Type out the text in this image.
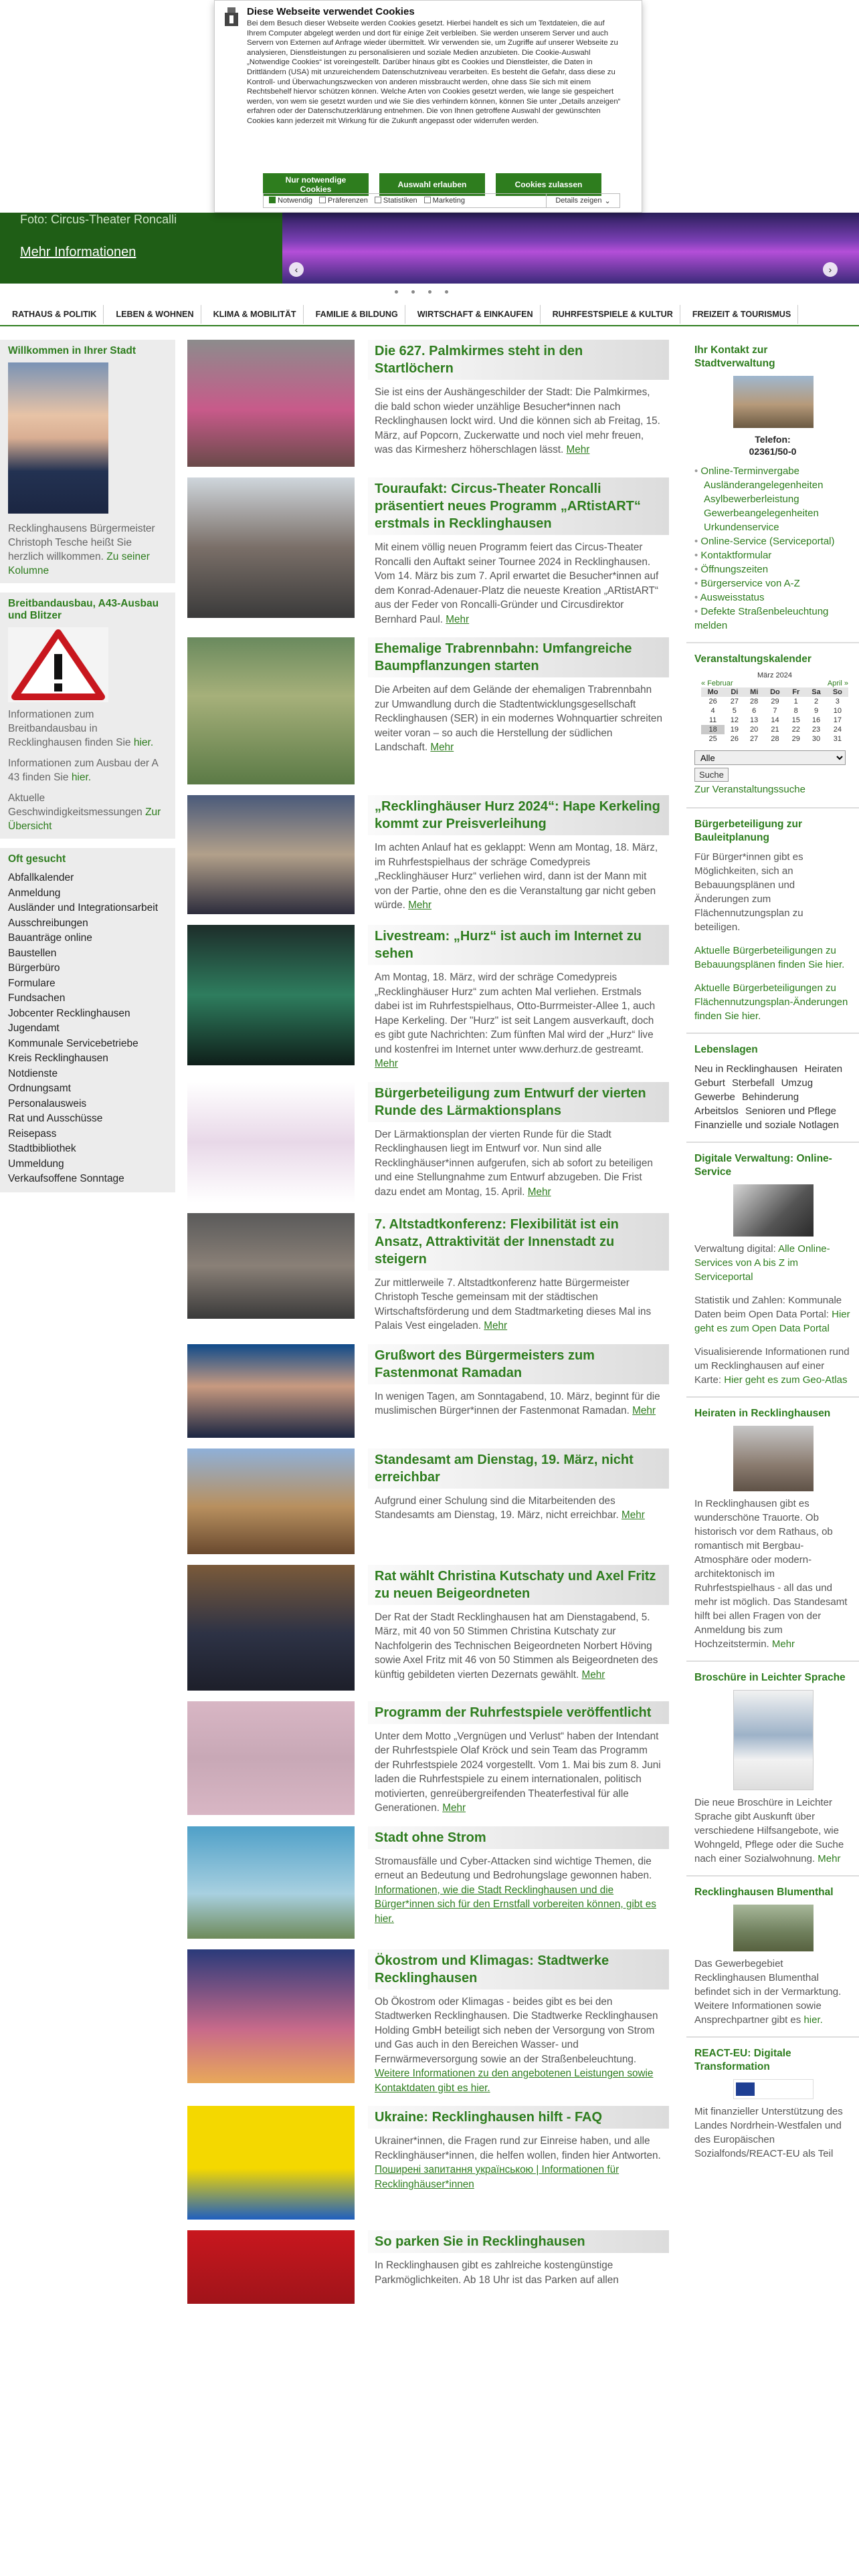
Diese Webseite verwendet Cookies

Bei dem Besuch dieser Webseite werden Cookies gesetzt. Hierbei handelt es sich um Textdateien, die auf Ihrem Computer abgelegt werden und dort für einige Zeit verbleiben. Sie werden unserem Server und auch Servern von Externen auf Anfrage wieder übermittelt. Wir verwenden sie, um Zugriffe auf unserer Webseite zu analysieren, Dienstleistungen zu personalisieren und soziale Medien anzubieten. Die Cookie-Auswahl „Notwendige Cookies“ ist voreingestellt. Darüber hinaus gibt es Cookies und Dienstleister, die Daten in Drittländern (USA) mit unzureichendem Datenschutzniveau verarbeiten. Es besteht die Gefahr, dass diese zu Kontroll- und Überwachungszwecken von anderen missbraucht werden, ohne dass Sie sich mit einem Rechtsbehelf hiervor schützen können. Welche Arten von Cookies gesetzt werden, wie lange sie gespeichert werden, von wem sie gesetzt wurden und wie Sie dies verhindern können, können Sie unter „Details anzeigen“ erfahren oder der Datenschutzerklärung entnehmen. Die von Ihnen getroffene Auswahl der gewünschten Cookies kann jederzeit mit Wirkung für die Zukunft angepasst oder widerrufen werden.

Nur notwendige Cookies	Auswahl erlauben	Cookies zulassen
Notwendig	Präferenzen	Statistiken	Marketing	Details zeigen ⌄
Foto: Circus-Theater Roncalli
Mehr Informationen
‹	›
RATHAUS & POLITIK	LEBEN & WOHNEN	KLIMA & MOBILITÄT	FAMILIE & BILDUNG	WIRTSCHAFT & EINKAUFEN	RUHRFESTSPIELE & KULTUR	FREIZEIT & TOURISMUS
Willkommen in Ihrer Stadt

Recklinghausens Bürgermeister Christoph Tesche heißt Sie herzlich willkommen. Zu seiner Kolumne

Breitbandausbau, A43-Ausbau und Blitzer

Informationen zum Breitbandausbau in Recklinghausen finden Sie hier.

Informationen zum Ausbau der A 43 finden Sie hier.

Aktuelle Geschwindigkeitsmessungen Zur Übersicht

Oft gesucht
Abfallkalender
Anmeldung
Ausländer und Integrationsarbeit
Ausschreibungen
Bauanträge online
Baustellen
Bürgerbüro
Formulare
Fundsachen
Jobcenter Recklinghausen
Jugendamt
Kommunale Servicebetriebe
Kreis Recklinghausen
Notdienste
Ordnungsamt
Personalausweis
Rat und Ausschüsse
Reisepass
Stadtbibliothek
Ummeldung
Verkaufsoffene Sonntage
Die 627. Palmkirmes steht in den Startlöchern

Sie ist eins der Aushängeschilder der Stadt: Die Palmkirmes, die bald schon wieder unzählige Besucher*innen nach Recklinghausen lockt wird. Und die können sich ab Freitag, 15. März, auf Popcorn, Zuckerwatte und noch viel mehr freuen, was das Kirmesherz höherschlagen lässt. Mehr

Touraufakt: Circus-Theater Roncalli präsentiert neues Programm „ARtistART“ erstmals in Recklinghausen

Mit einem völlig neuen Programm feiert das Circus-Theater Roncalli den Auftakt seiner Tournee 2024 in Recklinghausen. Vom 14. März bis zum 7. April erwartet die Besucher*innen auf dem Konrad-Adenauer-Platz die neueste Kreation „ARtistART“ aus der Feder von Roncalli-Gründer und Circusdirektor Bernhard Paul. Mehr

Ehemalige Trabrennbahn: Umfangreiche Baumpflanzungen starten

Die Arbeiten auf dem Gelände der ehemaligen Trabrennbahn zur Umwandlung durch die Stadtentwicklungsgesellschaft Recklinghausen (SER) in ein modernes Wohnquartier schreiten weiter voran – so auch die Herstellung der südlichen Landschaft. Mehr

„Recklinghäuser Hurz 2024“: Hape Kerkeling kommt zur Preisverleihung

Im achten Anlauf hat es geklappt: Wenn am Montag, 18. März, im Ruhrfestspielhaus der schräge Comedypreis „Recklinghäuser Hurz“ verliehen wird, dann ist der Mann mit von der Partie, ohne den es die Veranstaltung gar nicht geben würde. Mehr

Livestream: „Hurz“ ist auch im Internet zu sehen

Am Montag, 18. März, wird der schräge Comedypreis „Recklinghäuser Hurz“ zum achten Mal verliehen. Erstmals dabei ist im Ruhrfestspielhaus, Otto-Burrmeister-Allee 1, auch Hape Kerkeling. Der "Hurz" ist seit Langem ausverkauft, doch es gibt gute Nachrichten: Zum fünften Mal wird der „Hurz“ live und kostenfrei im Internet unter www.derhurz.de gestreamt. Mehr

Bürgerbeteiligung zum Entwurf der vierten Runde des Lärmaktionsplans

Der Lärmaktionsplan der vierten Runde für die Stadt Recklinghausen liegt im Entwurf vor. Nun sind alle Recklinghäuser*innen aufgerufen, sich ab sofort zu beteiligen und eine Stellungnahme zum Entwurf abzugeben. Die Frist dazu endet am Montag, 15. April. Mehr

7. Altstadtkonferenz: Flexibilität ist ein Ansatz, Attraktivität der Innenstadt zu steigern

Zur mittlerweile 7. Altstadtkonferenz hatte Bürgermeister Christoph Tesche gemeinsam mit der städtischen Wirtschaftsförderung und dem Stadtmarketing dieses Mal ins Palais Vest eingeladen. Mehr

Grußwort des Bürgermeisters zum Fastenmonat Ramadan

In wenigen Tagen, am Sonntagabend, 10. März, beginnt für die muslimischen Bürger*innen der Fastenmonat Ramadan. Mehr

Standesamt am Dienstag, 19. März, nicht erreichbar

Aufgrund einer Schulung sind die Mitarbeitenden des Standesamts am Dienstag, 19. März, nicht erreichbar. Mehr

Rat wählt Christina Kutschaty und Axel Fritz zu neuen Beigeordneten

Der Rat der Stadt Recklinghausen hat am Dienstagabend, 5. März, mit 40 von 50 Stimmen Christina Kutschaty zur Nachfolgerin des Technischen Beigeordneten Norbert Höving sowie Axel Fritz mit 46 von 50 Stimmen als Beigeordneten des künftig gebildeten vierten Dezernats gewählt. Mehr

Programm der Ruhrfestspiele veröffentlicht

Unter dem Motto „Vergnügen und Verlust“ haben der Intendant der Ruhrfestspiele Olaf Kröck und sein Team das Programm der Ruhrfestspiele 2024 vorgestellt. Vom 1. Mai bis zum 8. Juni laden die Ruhrfestspiele zu einem internationalen, politisch motivierten, genreübergreifenden Theaterfestival für alle Generationen. Mehr

Stadt ohne Strom

Stromausfälle und Cyber-Attacken sind wichtige Themen, die erneut an Bedeutung und Bedrohungslage gewonnen haben. Informationen, wie die Stadt Recklinghausen und die Bürger*innen sich für den Ernstfall vorbereiten können, gibt es hier.

Ökostrom und Klimagas: Stadtwerke Recklinghausen

Ob Ökostrom oder Klimagas - beides gibt es bei den Stadtwerken Recklinghausen. Die Stadtwerke Recklinghausen Holding GmbH beteiligt sich neben der Versorgung von Strom und Gas auch in den Bereichen Wasser- und Fernwärmeversorgung sowie an der Straßenbeleuchtung. Weitere Informationen zu den angebotenen Leistungen sowie Kontaktdaten gibt es hier.

Ukraine: Recklinghausen hilft - FAQ

Ukrainer*innen, die Fragen rund zur Einreise haben, und alle Recklinghäuser*innen, die helfen wollen, finden hier Antworten. Поширені запитання українською | Informationen für Recklinghäuser*innen

So parken Sie in Recklinghausen

In Recklinghausen gibt es zahlreiche kostengünstige Parkmöglichkeiten. Ab 18 Uhr ist das Parken auf allen

Ihr Kontakt zur Stadtverwaltung

Telefon:

02361/50-0

• Online-Terminvergabe
Ausländerangelegenheiten
Asylbewerberleistung
Gewerbeangelegenheiten
Urkundenservice
• Online-Service (Serviceportal)
• Kontaktformular
• Öffnungszeiten
• Bürgerservice von A-Z
• Ausweisstatus
• Defekte Straßenbeleuchtung melden
Veranstaltungskalender
März 2024
« Februar	April »
Mo	Di	Mi	Do	Fr	Sa	So
26	27	28	29	1	2	3
4	5	6	7	8	9	10
11	12	13	14	15	16	17
18	19	20	21	22	23	24
25	26	27	28	29	30	31
Alle
Suche
Zur Veranstaltungssuche
Bürgerbeteiligung zur Bauleitplanung

Für Bürger*innen gibt es Möglichkeiten, sich an Bebauungsplänen und Änderungen zum Flächennutzungsplan zu beteiligen.

Aktuelle Bürgerbeteiligungen zu Bebauungsplänen finden Sie hier.

Aktuelle Bürgerbeteiligungen zu Flächennutzungsplan-Änderungen finden Sie hier.

Lebenslagen
Neu in Recklinghausen Heiraten Geburt Sterbefall Umzug Gewerbe Behinderung Arbeitslos Senioren und Pflege Finanzielle und soziale Notlagen
Digitale Verwaltung: Online-Service

Verwaltung digital: Alle Online-Services von A bis Z im Serviceportal

Statistik und Zahlen: Kommunale Daten beim Open Data Portal: Hier geht es zum Open Data Portal

Visualisierende Informationen rund um Recklinghausen auf einer Karte: Hier geht es zum Geo-Atlas

Heiraten in Recklinghausen

In Recklinghausen gibt es wunderschöne Trauorte. Ob historisch vor dem Rathaus, ob romantisch mit Bergbau-Atmosphäre oder modern-architektonisch im Ruhrfestspielhaus - all das und mehr ist möglich. Das Standesamt hilft bei allen Fragen von der Anmeldung bis zum Hochzeitstermin. Mehr

Broschüre in Leichter Sprache

Die neue Broschüre in Leichter Sprache gibt Auskunft über verschiedene Hilfsangebote, wie Wohngeld, Pflege oder die Suche nach einer Sozialwohnung. Mehr

Recklinghausen Blumenthal

Das Gewerbegebiet Recklinghausen Blumenthal befindet sich in der Vermarktung. Weitere Informationen sowie Ansprechpartner gibt es hier.

REACT-EU: Digitale Transformation

Mit finanzieller Unterstützung des Landes Nordrhein-Westfalen und des Europäischen Sozialfonds/REACT-EU als Teil
